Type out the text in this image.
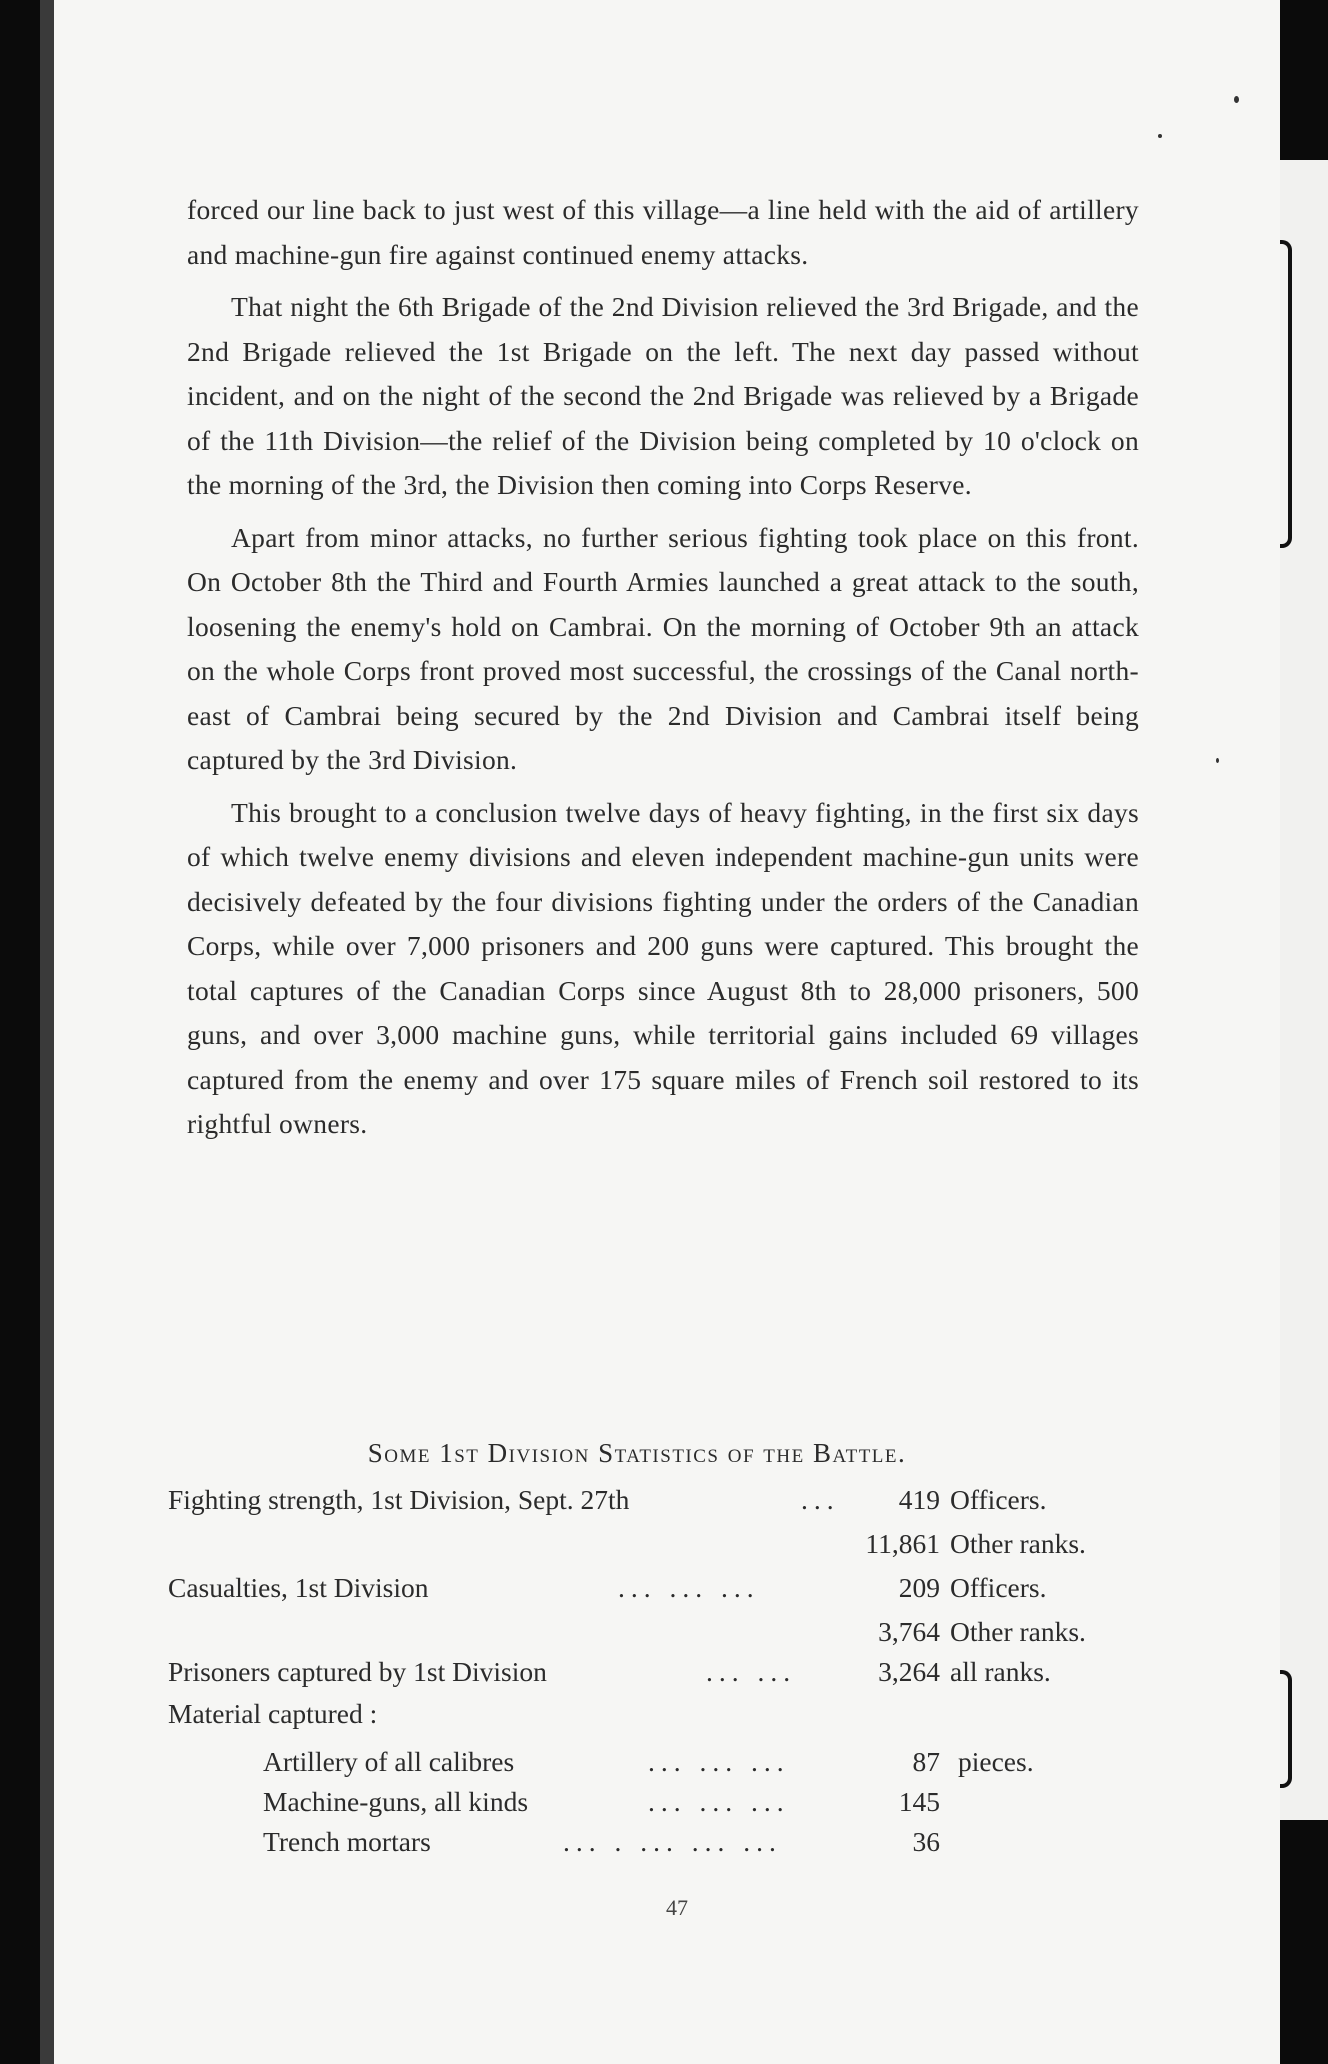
forced our line back to just west of this village—a line held with the aid of artillery and machine-gun fire against continued enemy attacks.

That night the 6th Brigade of the 2nd Division relieved the 3rd Brigade, and the 2nd Brigade relieved the 1st Brigade on the left. The next day passed without incident, and on the night of the second the 2nd Brigade was relieved by a Brigade of the 11th Division—the relief of the Division being completed by 10 o'clock on the morning of the 3rd, the Division then coming into Corps Reserve.

Apart from minor attacks, no further serious fighting took place on this front. On October 8th the Third and Fourth Armies launched a great attack to the south, loosening the enemy's hold on Cambrai. On the morning of October 9th an attack on the whole Corps front proved most successful, the crossings of the Canal north-east of Cambrai being secured by the 2nd Division and Cambrai itself being captured by the 3rd Division.

This brought to a conclusion twelve days of heavy fighting, in the first six days of which twelve enemy divisions and eleven independent machine-gun units were decisively defeated by the four divisions fighting under the orders of the Canadian Corps, while over 7,000 prisoners and 200 guns were captured. This brought the total captures of the Canadian Corps since August 8th to 28,000 prisoners, 500 guns, and over 3,000 machine guns, while territorial gains included 69 villages captured from the enemy and over 175 square miles of French soil restored to its rightful owners.

Some 1st Division Statistics of the Battle.
Fighting strength, 1st Division, Sept. 27th	...	419 Officers.
11,861 Other ranks.
Casualties, 1st Division	... ... ...	209 Officers.
3,764 Other ranks.
Prisoners captured by 1st Division	... ...	3,264 all ranks.
Material captured :
Artillery of all calibres	... ... ...	87 pieces.
Machine-guns, all kinds	... ... ...	145
Trench mortars	... . ... ... ...	36
47
